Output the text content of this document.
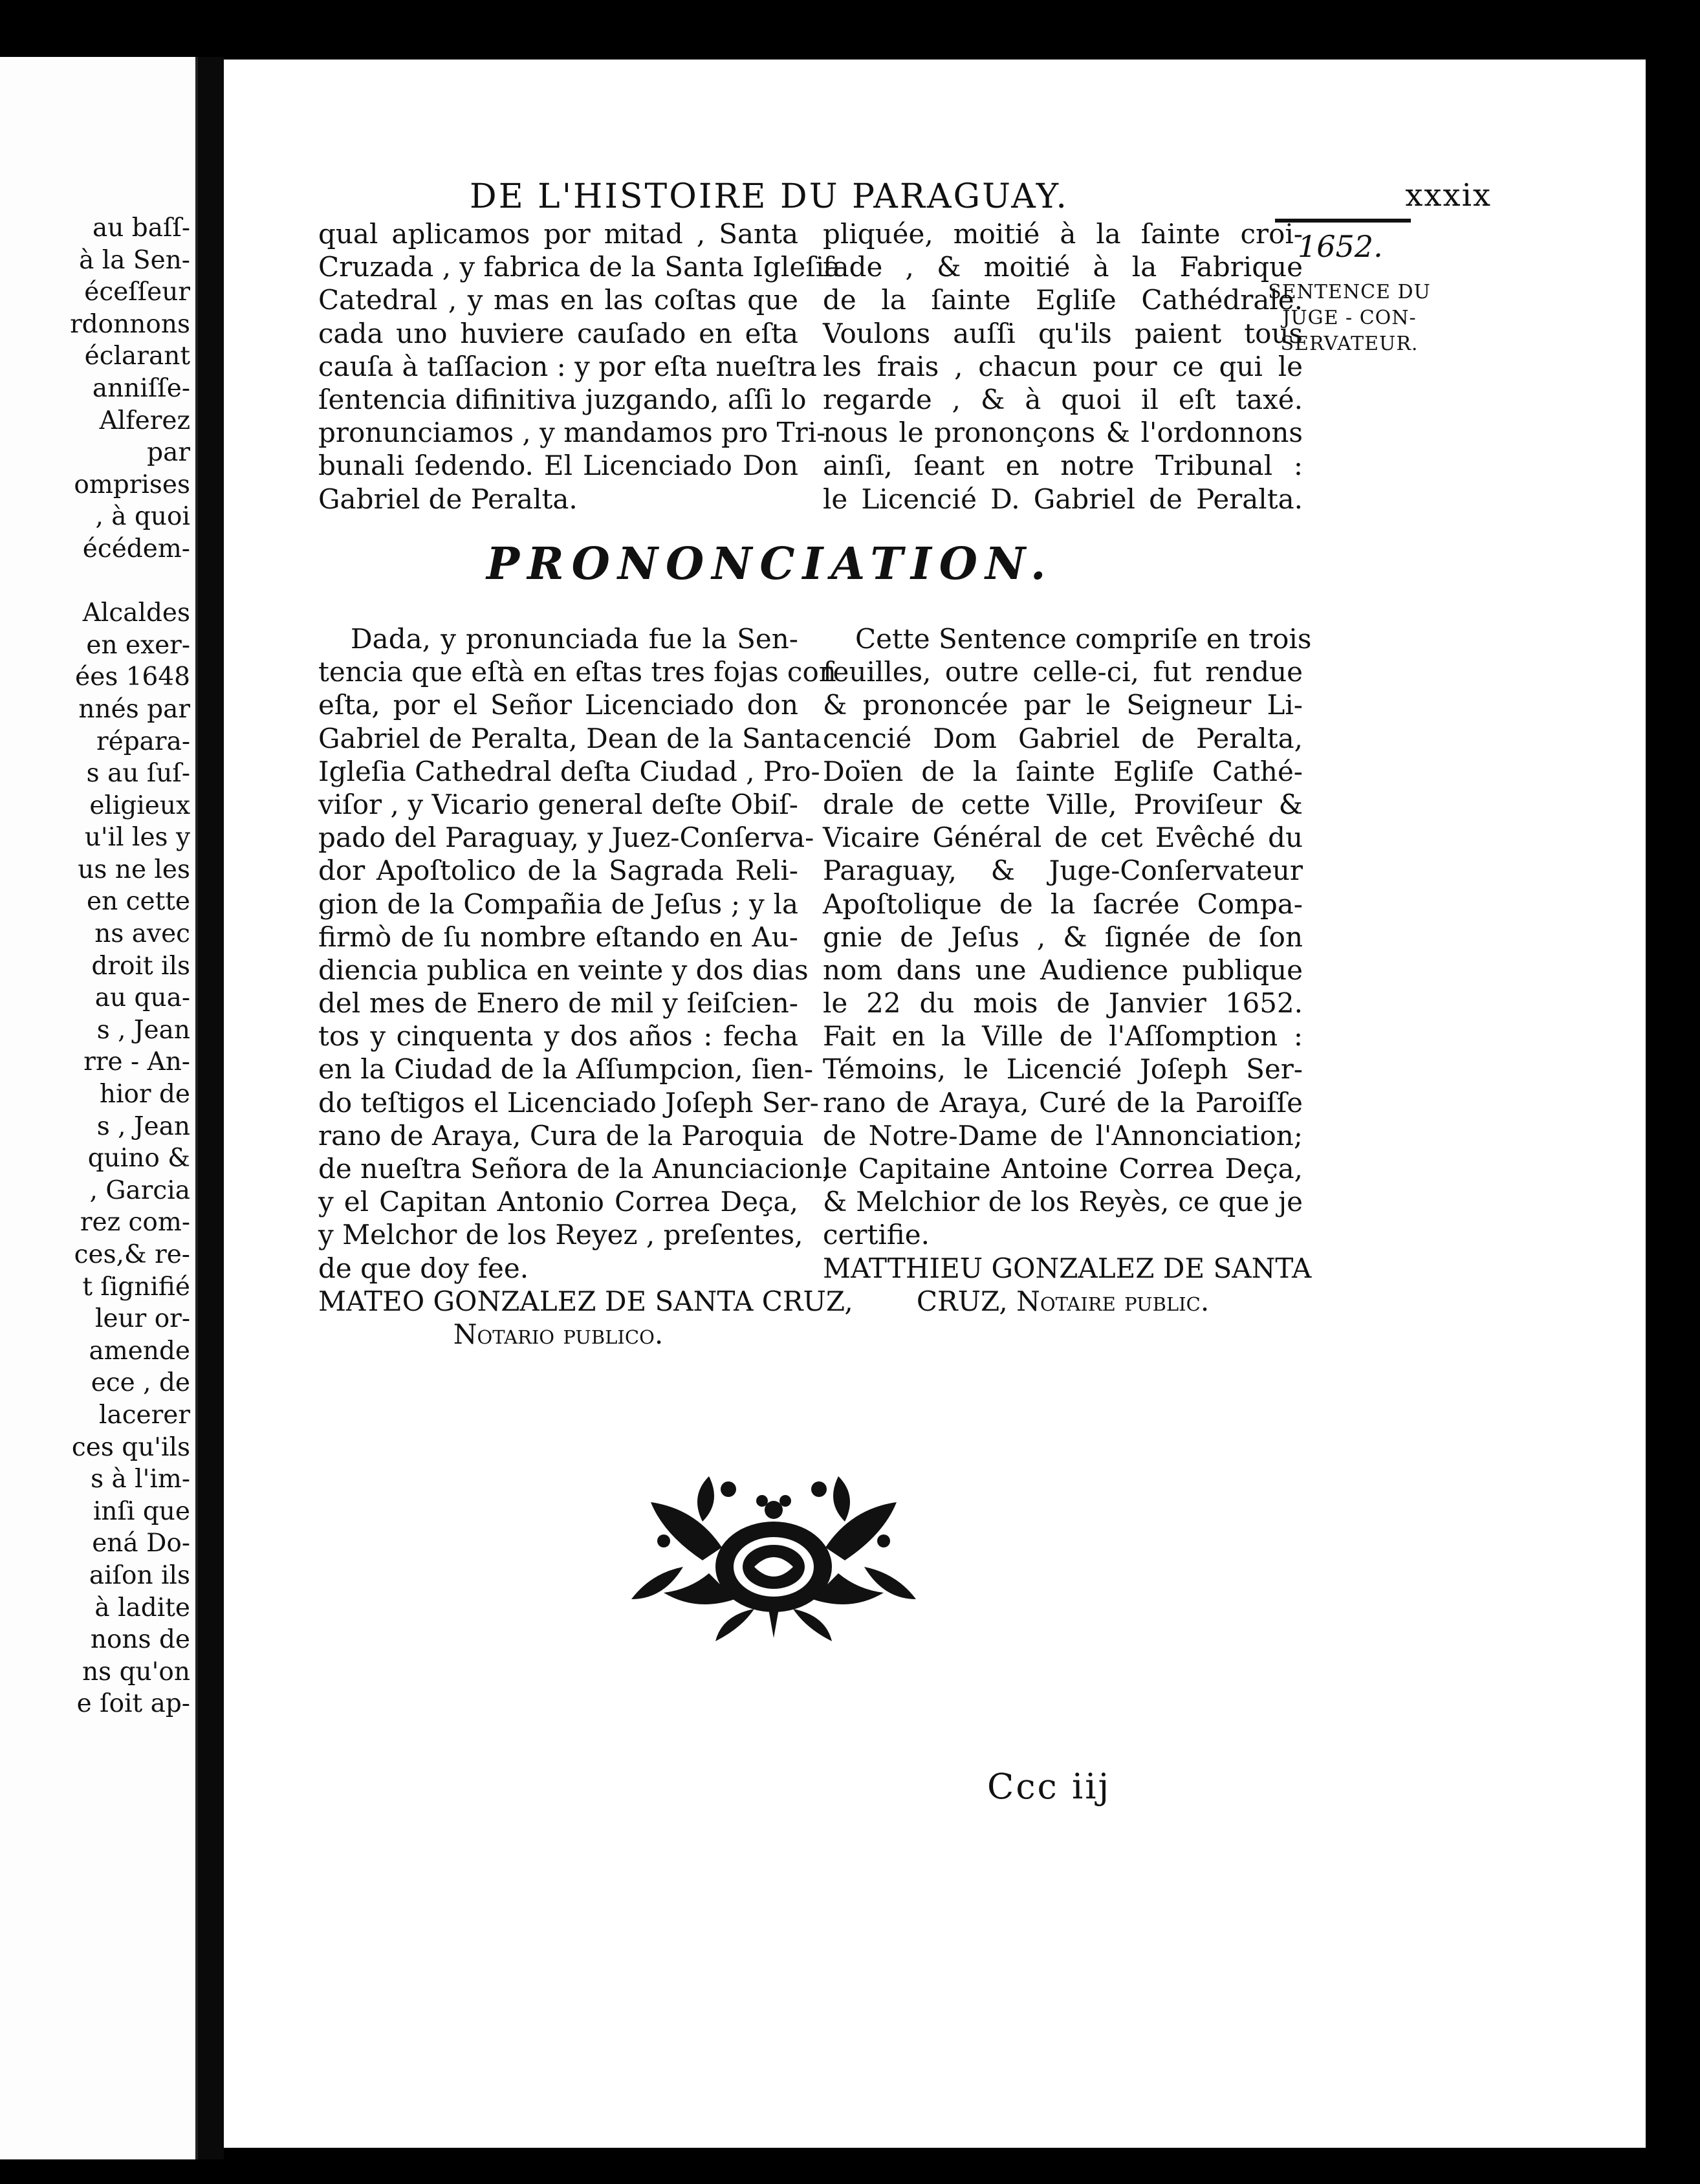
au baſſ-
à la Sen-
éceſſeur
rdonnons
éclarant
anniſſe-
Alferez
par
omprises
, à quoi
écédem-
Alcaldes
en exer-
ées 1648
nnés par
répara-
s au ſuſ-
eligieux
u'il les y
us ne les
en cette
ns avec
droit ils
au qua-
s , Jean
rre - An-
hior de
s , Jean
quino &
, Garcia
rez com-
ces,& re-
t ſignifié
leur or-
amende
ece , de
lacerer
ces qu'ils
s à l'im-
inſi que
ená Do-
aiſon ils
à ladite
nons de
ns qu'on
e ſoit ap-
DE L'HISTOIRE DU PARAGUAY.	xxxix
1652.
SENTENCE DU
JUGE - CON-
SERVATEUR.
qual aplicamos por mitad , Santa
Cruzada , y fabrica de la Santa Igleſia
Catedral , y mas en las coſtas que
cada uno huviere cauſado en eſta
cauſa à taſſacion : y por eſta nueſtra
ſentencia difinitiva juzgando, aſſi lo
pronunciamos , y mandamos pro Tri-
bunali ſedendo. El Licenciado Don
Gabriel de Peralta.
pliquée, moitié à la ſainte croi-
ſade , & moitié à la Fabrique
de la ſainte Egliſe Cathédrale.
Voulons auſſi qu'ils paient tous
les frais , chacun pour ce qui le
regarde , & à quoi il eſt taxé.
nous le prononçons & l'ordonnons
ainſi, ſeant en notre Tribunal :
le Licencié D. Gabriel de Peralta.
PRONONCIATION.
Dada, y pronunciada fue la Sen-
tencia que eſtà en eſtas tres fojas con
eſta, por el Señor Licenciado don
Gabriel de Peralta, Dean de la Santa
Igleſia Cathedral deſta Ciudad , Pro-
viſor , y Vicario general deſte Obiſ-
pado del Paraguay, y Juez-Conſerva-
dor Apoſtolico de la Sagrada Reli-
gion de la Compañia de Jeſus ; y la
firmò de ſu nombre eſtando en Au-
diencia publica en veinte y dos dias
del mes de Enero de mil y ſeiſcien-
tos y cinquenta y dos años : fecha
en la Ciudad de la Aſſumpcion, ſien-
do teſtigos el Licenciado Joſeph Ser-
rano de Araya, Cura de la Paroquia
de nueſtra Señora de la Anunciacion;
y el Capitan Antonio Correa Deça,
y Melchor de los Reyez , preſentes,
de que doy fee.
MATEO GONZALEZ DE SANTA CRUZ,
Notario publico.
Cette Sentence compriſe en trois
feuilles, outre celle-ci, fut rendue
& prononcée par le Seigneur Li-
cencié Dom Gabriel de Peralta,
Doïen de la ſainte Egliſe Cathé-
drale de cette Ville, Proviſeur &
Vicaire Général de cet Evêché du
Paraguay, & Juge-Conſervateur
Apoſtolique de la ſacrée Compa-
gnie de Jeſus , & ſignée de ſon
nom dans une Audience publique
le 22 du mois de Janvier 1652.
Fait en la Ville de l'Aſſomption :
Témoins, le Licencié Joſeph Ser-
rano de Araya, Curé de la Paroiſſe
de Notre-Dame de l'Annonciation;
le Capitaine Antoine Correa Deça,
& Melchior de los Reyès, ce que je
certifie.
MATTHIEU GONZALEZ DE SANTA
CRUZ, Notaire public.
Ccc iij
